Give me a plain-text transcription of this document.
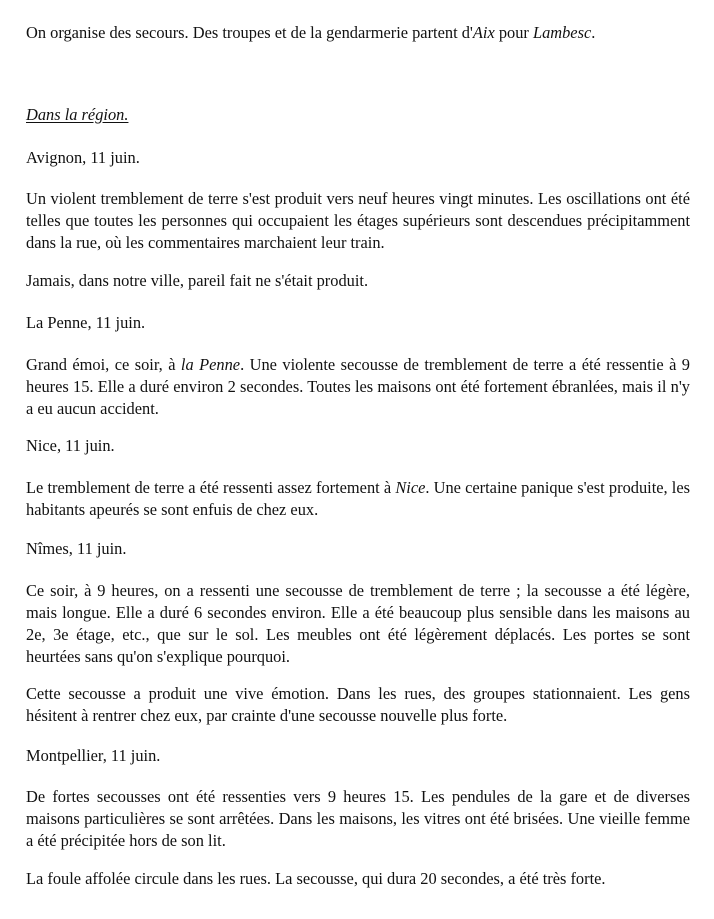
On organise des secours. Des troupes et de la gendarmerie partent d'Aix pour Lambesc.

Dans la région.

Avignon, 11 juin.

Un violent tremblement de terre s'est produit vers neuf heures vingt minutes. Les oscillations ont été telles que toutes les personnes qui occupaient les étages supérieurs sont descendues précipitamment dans la rue, où les commentaires marchaient leur train.

Jamais, dans notre ville, pareil fait ne s'était produit.

La Penne, 11 juin.

Grand émoi, ce soir, à la Penne. Une violente secousse de tremblement de terre a été ressentie à 9 heures 15. Elle a duré environ 2 secondes. Toutes les maisons ont été fortement ébranlées, mais il n'y a eu aucun accident.

Nice, 11 juin.

Le tremblement de terre a été ressenti assez fortement à Nice. Une certaine panique s'est produite, les habitants apeurés se sont enfuis de chez eux.

Nîmes, 11 juin.

Ce soir, à 9 heures, on a ressenti une secousse de tremblement de terre ; la secousse a été légère, mais longue. Elle a duré 6 secondes environ. Elle a été beaucoup plus sensible dans les maisons au 2e, 3e étage, etc., que sur le sol. Les meubles ont été légèrement déplacés. Les portes se sont heurtées sans qu'on s'explique pourquoi.

Cette secousse a produit une vive émotion. Dans les rues, des groupes stationnaient. Les gens hésitent à rentrer chez eux, par crainte d'une secousse nouvelle plus forte.

Montpellier, 11 juin.

De fortes secousses ont été ressenties vers 9 heures 15. Les pendules de la gare et de diverses maisons particulières se sont arrêtées. Dans les maisons, les vitres ont été brisées. Une vieille femme a été précipitée hors de son lit.

La foule affolée circule dans les rues. La secousse, qui dura 20 secondes, a été très forte.
